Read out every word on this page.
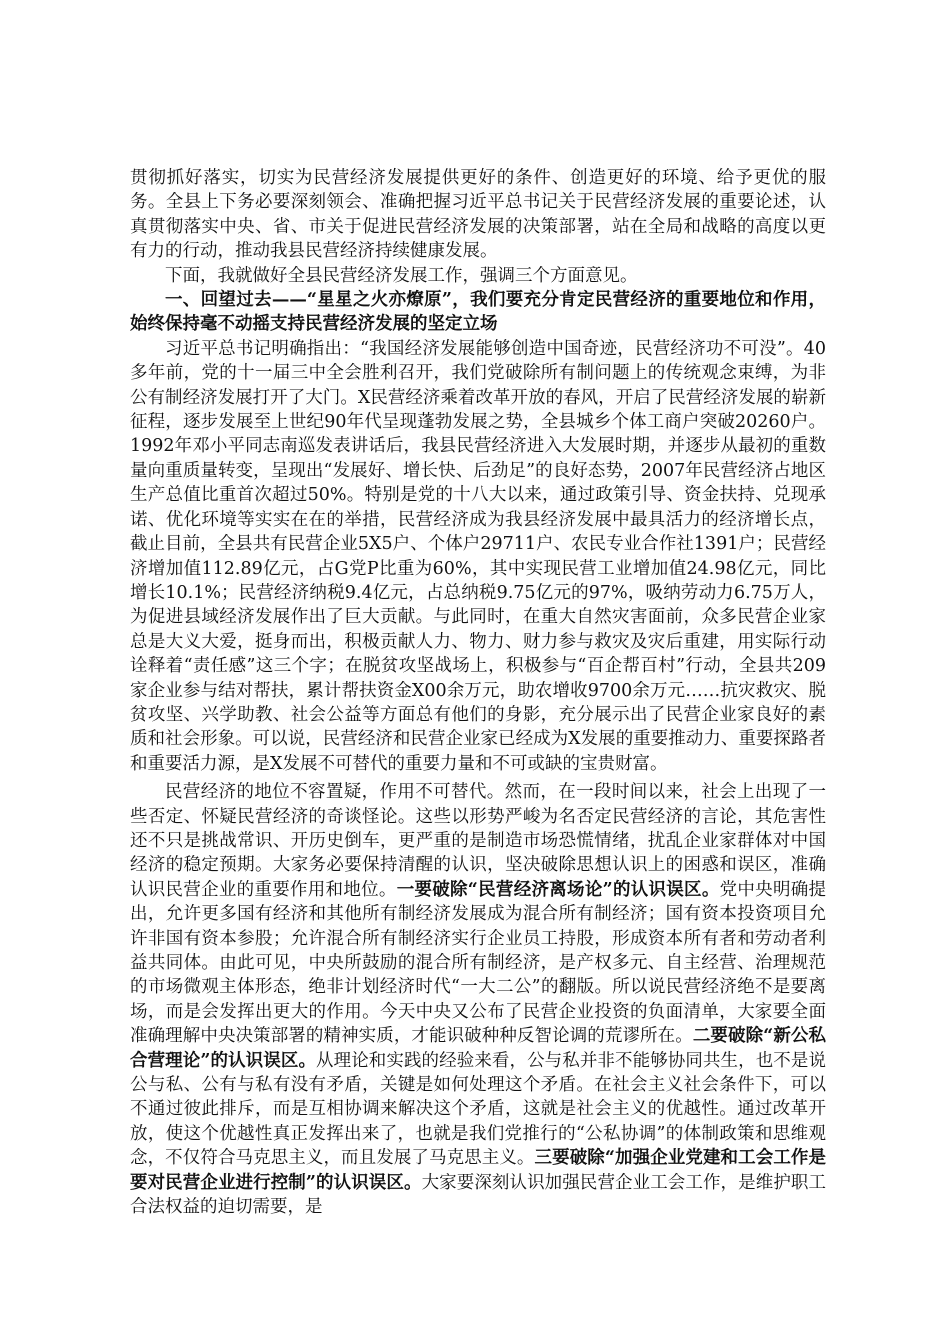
贯彻抓好落实，切实为民营经济发展提供更好的条件、创造更好的环境、给予更优的服务。全县上下务必要深刻领会、准确把握习近平总书记关于民营经济发展的重要论述，认真贯彻落实中央、省、市关于促进民营经济发展的决策部署，站在全局和战略的高度以更有力的行动，推动我县民营经济持续健康发展。

下面，我就做好全县民营经济发展工作，强调三个方面意见。

一、回望过去——“星星之火亦燎原”，我们要充分肯定民营经济的重要地位和作用，始终保持毫不动摇支持民营经济发展的坚定立场

习近平总书记明确指出：“我国经济发展能够创造中国奇迹，民营经济功不可没”。40多年前，党的十一届三中全会胜利召开，我们党破除所有制问题上的传统观念束缚，为非公有制经济发展打开了大门。X民营经济乘着改革开放的春风，开启了民营经济发展的崭新征程，逐步发展至上世纪90年代呈现蓬勃发展之势，全县城乡个体工商户突破20260户。1992年邓小平同志南巡发表讲话后，我县民营经济进入大发展时期，并逐步从最初的重数量向重质量转变，呈现出“发展好、增长快、后劲足”的良好态势，2007年民营经济占地区生产总值比重首次超过50%。特别是党的十八大以来，通过政策引导、资金扶持、兑现承诺、优化环境等实实在在的举措，民营经济成为我县经济发展中最具活力的经济增长点，截止目前，全县共有民营企业5X5户、个体户29711户、农民专业合作社1391户；民营经济增加值112.89亿元，占G党P比重为60%，其中实现民营工业增加值24.98亿元，同比增长10.1%；民营经济纳税9.4亿元，占总纳税9.75亿元的97%，吸纳劳动力6.75万人，为促进县域经济发展作出了巨大贡献。与此同时，在重大自然灾害面前，众多民营企业家总是大义大爱，挺身而出，积极贡献人力、物力、财力参与救灾及灾后重建，用实际行动诠释着“责任感”这三个字；在脱贫攻坚战场上，积极参与“百企帮百村”行动，全县共209家企业参与结对帮扶，累计帮扶资金X00余万元，助农增收9700余万元……抗灾救灾、脱贫攻坚、兴学助教、社会公益等方面总有他们的身影，充分展示出了民营企业家良好的素质和社会形象。可以说，民营经济和民营企业家已经成为X发展的重要推动力、重要探路者和重要活力源，是X发展不可替代的重要力量和不可或缺的宝贵财富。

民营经济的地位不容置疑，作用不可替代。然而，在一段时间以来，社会上出现了一些否定、怀疑民营经济的奇谈怪论。这些以形势严峻为名否定民营经济的言论，其危害性还不只是挑战常识、开历史倒车，更严重的是制造市场恐慌情绪，扰乱企业家群体对中国经济的稳定预期。大家务必要保持清醒的认识，坚决破除思想认识上的困惑和误区，准确认识民营企业的重要作用和地位。一要破除“民营经济离场论”的认识误区。党中央明确提出，允许更多国有经济和其他所有制经济发展成为混合所有制经济；国有资本投资项目允许非国有资本参股；允许混合所有制经济实行企业员工持股，形成资本所有者和劳动者利益共同体。由此可见，中央所鼓励的混合所有制经济，是产权多元、自主经营、治理规范的市场微观主体形态，绝非计划经济时代“一大二公”的翻版。所以说民营经济绝不是要离场，而是会发挥出更大的作用。今天中央又公布了民营企业投资的负面清单，大家要全面准确理解中央决策部署的精神实质，才能识破种种反智论调的荒谬所在。二要破除“新公私合营理论”的认识误区。从理论和实践的经验来看，公与私并非不能够协同共生，也不是说公与私、公有与私有没有矛盾，关键是如何处理这个矛盾。在社会主义社会条件下，可以不通过彼此排斥，而是互相协调来解决这个矛盾，这就是社会主义的优越性。通过改革开放，使这个优越性真正发挥出来了，也就是我们党推行的“公私协调”的体制政策和思维观念，不仅符合马克思主义，而且发展了马克思主义。三要破除“加强企业党建和工会工作是要对民营企业进行控制”的认识误区。大家要深刻认识加强民营企业工会工作，是维护职工合法权益的迫切需要，是
